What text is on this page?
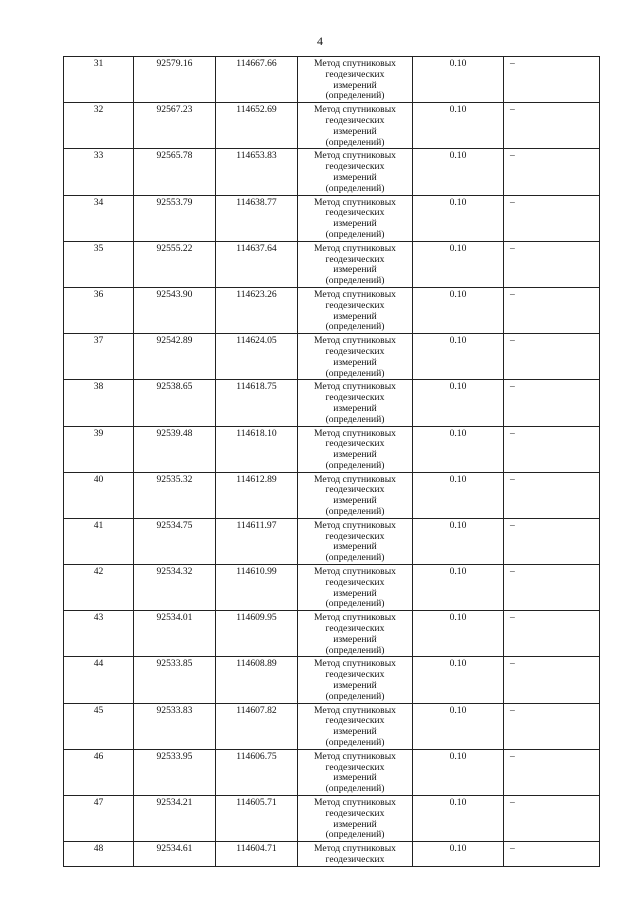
4
31	92579.16	114667.66	Метод спутниковых
геодезических
измерений
(определений)	0.10	–
32	92567.23	114652.69	Метод спутниковых
геодезических
измерений
(определений)	0.10	–
33	92565.78	114653.83	Метод спутниковых
геодезических
измерений
(определений)	0.10	–
34	92553.79	114638.77	Метод спутниковых
геодезических
измерений
(определений)	0.10	–
35	92555.22	114637.64	Метод спутниковых
геодезических
измерений
(определений)	0.10	–
36	92543.90	114623.26	Метод спутниковых
геодезических
измерений
(определений)	0.10	–
37	92542.89	114624.05	Метод спутниковых
геодезических
измерений
(определений)	0.10	–
38	92538.65	114618.75	Метод спутниковых
геодезических
измерений
(определений)	0.10	–
39	92539.48	114618.10	Метод спутниковых
геодезических
измерений
(определений)	0.10	–
40	92535.32	114612.89	Метод спутниковых
геодезических
измерений
(определений)	0.10	–
41	92534.75	114611.97	Метод спутниковых
геодезических
измерений
(определений)	0.10	–
42	92534.32	114610.99	Метод спутниковых
геодезических
измерений
(определений)	0.10	–
43	92534.01	114609.95	Метод спутниковых
геодезических
измерений
(определений)	0.10	–
44	92533.85	114608.89	Метод спутниковых
геодезических
измерений
(определений)	0.10	–
45	92533.83	114607.82	Метод спутниковых
геодезических
измерений
(определений)	0.10	–
46	92533.95	114606.75	Метод спутниковых
геодезических
измерений
(определений)	0.10	–
47	92534.21	114605.71	Метод спутниковых
геодезических
измерений
(определений)	0.10	–
48	92534.61	114604.71	Метод спутниковых
геодезических	0.10	–
